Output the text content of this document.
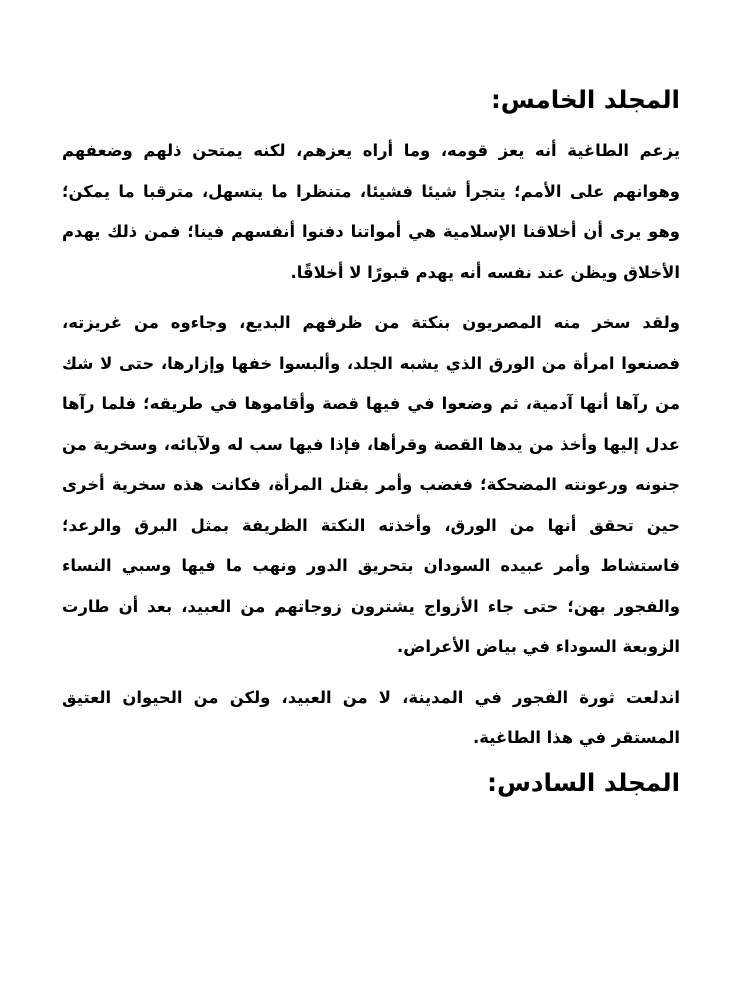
المجلد الخامس:

يزعم الطاغية أنه يعز قومه، وما أراه يعزهم، لكنه يمتحن ذلهم وضعفهم وهوانهم على الأمم؛ يتجرأ شيئا فشيئا، متنظرا ما يتسهل، مترقبا ما يمكن؛ وهو يرى أن أخلاقنا الإسلامية هي أمواتنا دفنوا أنفسهم فينا؛ فمن ذلك يهدم الأخلاق ويظن عند نفسه أنه يهدم قبورًا لا أخلاقًا.

ولقد سخر منه المصريون بنكتة من ظرفهم البديع، وجاءوه من غريزته، فصنعوا امرأة من الورق الذي يشبه الجلد، وألبسوا خفها وإزارها، حتى لا شك من رآها أنها آدمية، ثم وضعوا في فيها قصة وأقاموها في طريقه؛ فلما رآها عدل إليها وأخذ من يدها القصة وقرأها، فإذا فيها سب له ولآبائه، وسخرية من جنونه ورعونته المضحكة؛ فغضب وأمر بقتل المرأة، فكانت هذه سخرية أخرى حين تحقق أنها من الورق، وأخذته النكتة الظريفة بمثل البرق والرعد؛ فاستشاط وأمر عبيده السودان بتحريق الدور ونهب ما فيها وسبي النساء والفجور بهن؛ حتى جاء الأزواج يشترون زوجاتهم من العبيد، بعد أن طارت الزوبعة السوداء في بياض الأعراض.

اندلعت ثورة الفجور في المدينة، لا من العبيد، ولكن من الحيوان العتيق المستقر في هذا الطاغية.

المجلد السادس:
